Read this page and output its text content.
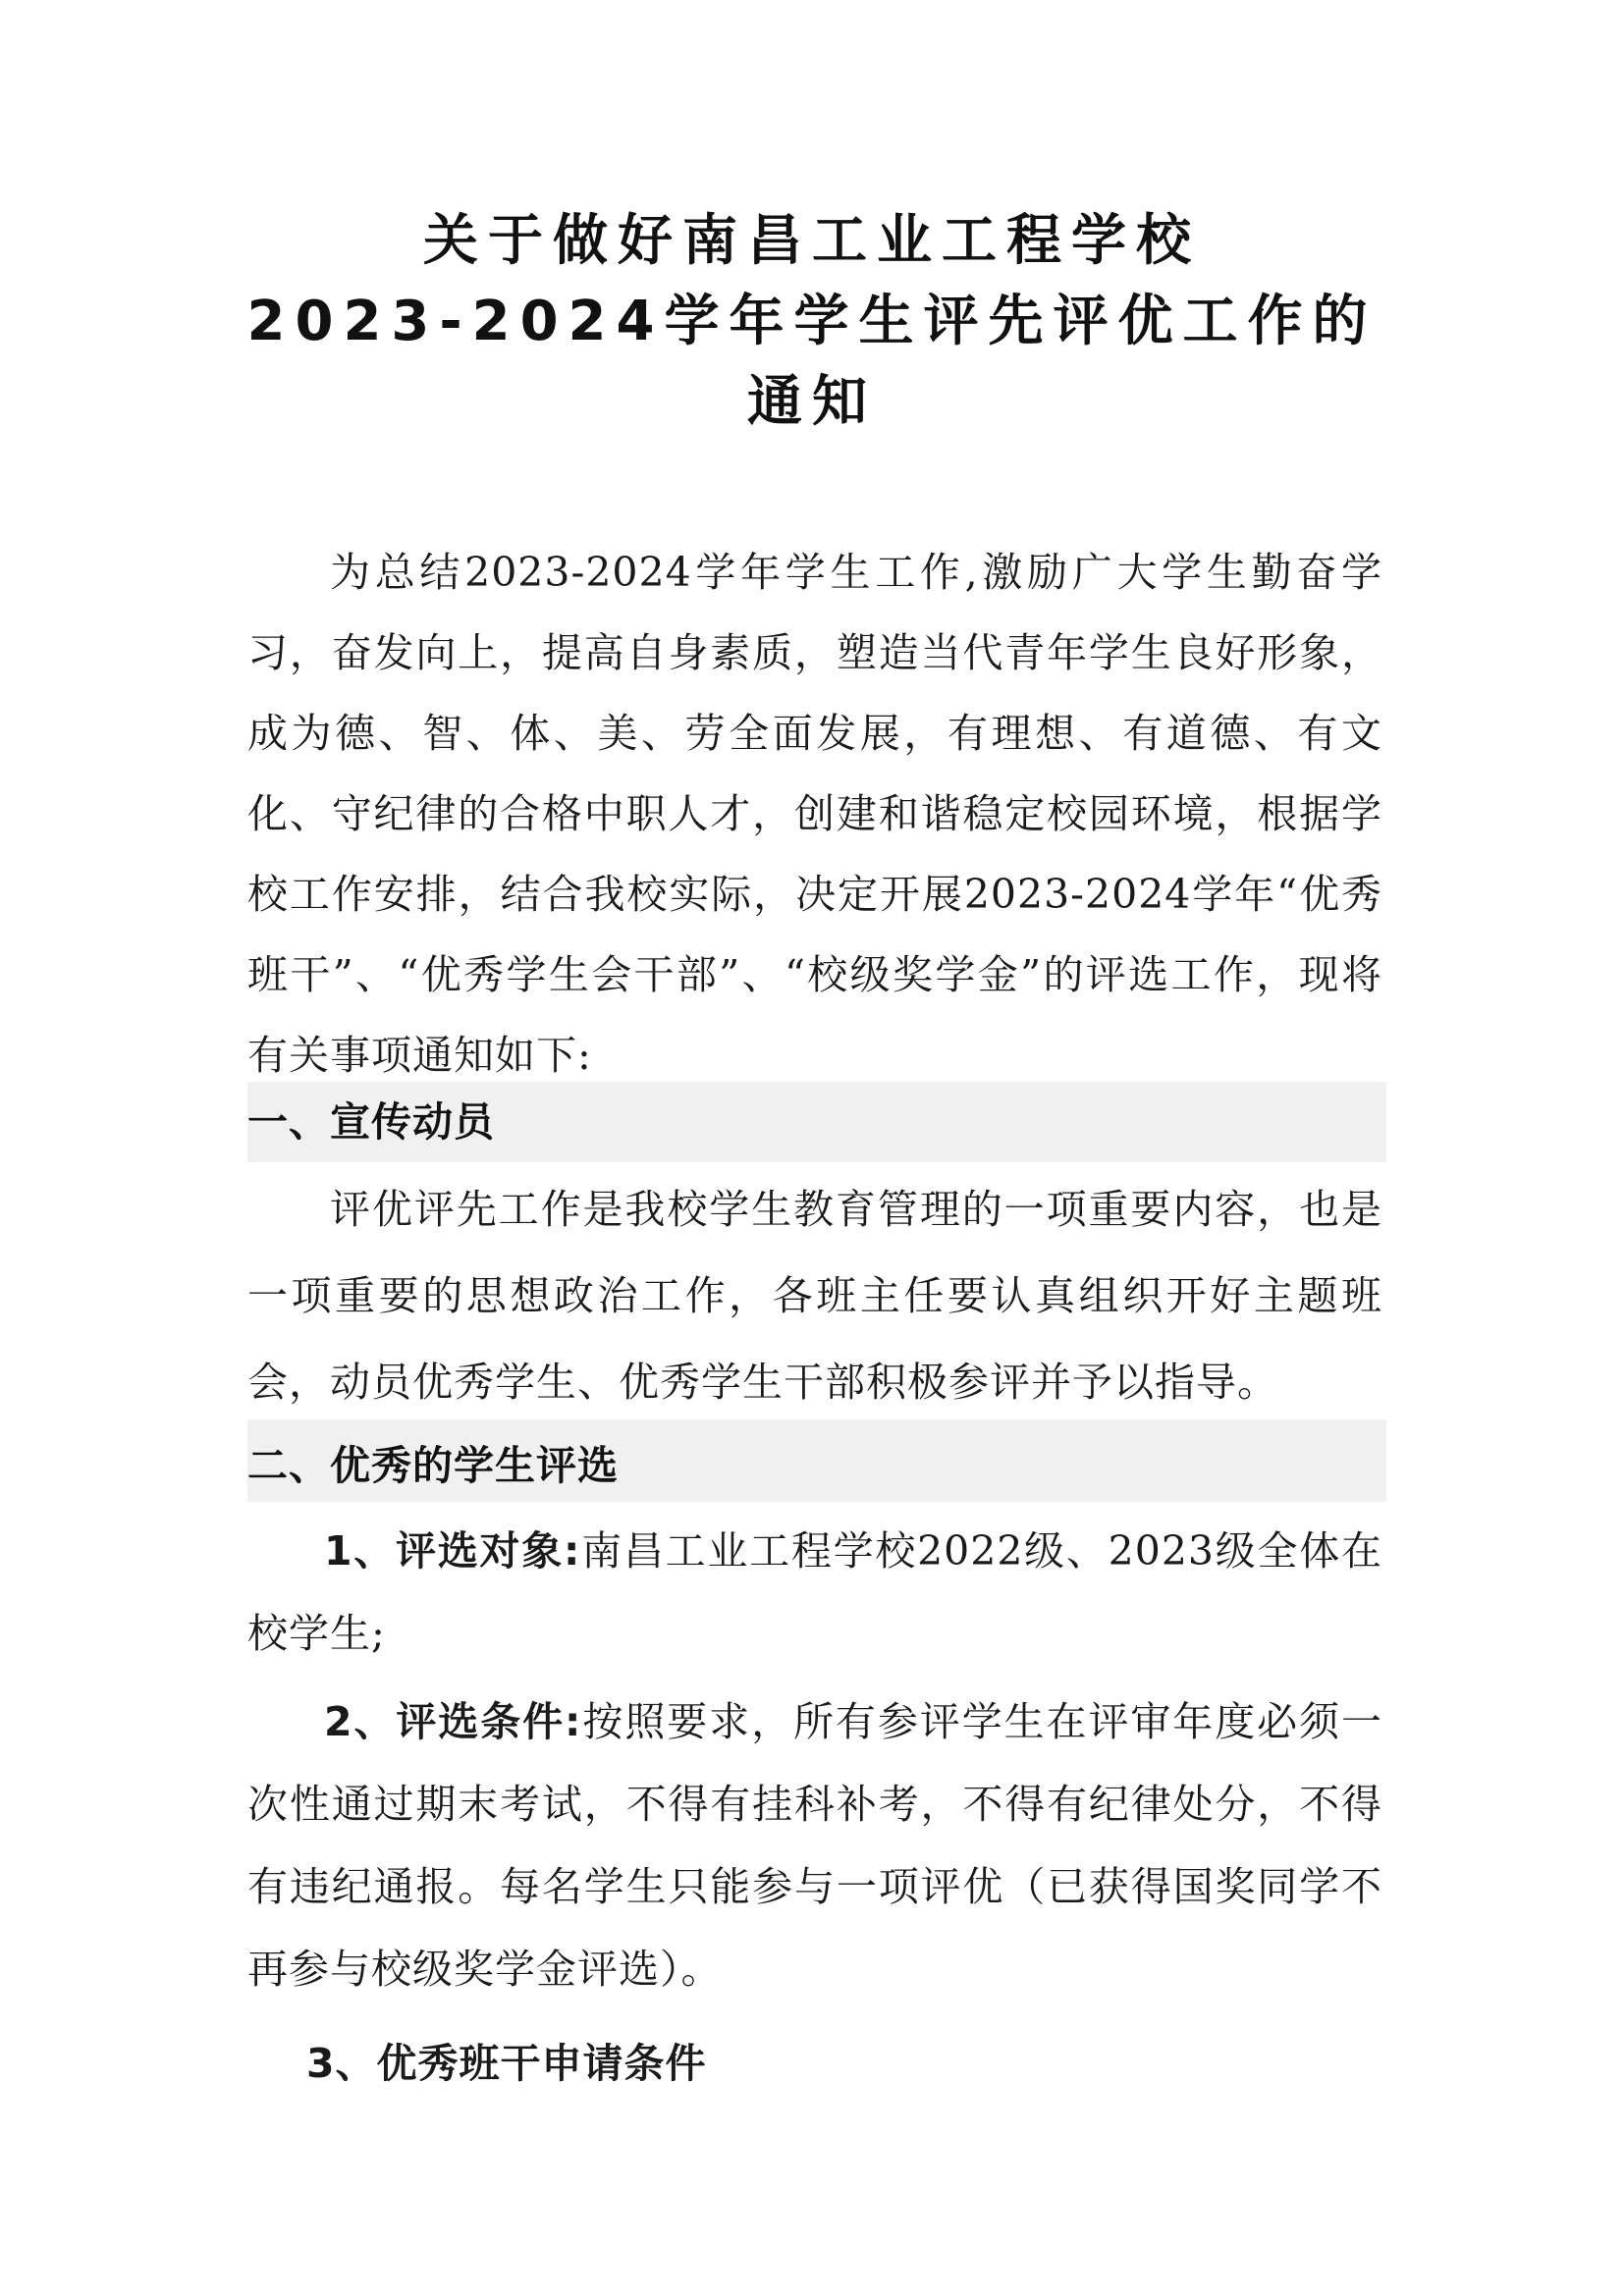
关于做好南昌工业工程学校
2023-2024学年学生评先评优工作的
通知

为总结2023-2024学年学生工作,激励广大学生勤奋学习，奋发向上，提高自身素质，塑造当代青年学生良好形象，成为德、智、体、美、劳全面发展，有理想、有道德、有文化、守纪律的合格中职人才，创建和谐稳定校园环境，根据学校工作安排，结合我校实际，决定开展2023-2024学年“优秀班干”、“优秀学生会干部”、“校级奖学金”的评选工作，现将有关事项通知如下:

一、宣传动员

评优评先工作是我校学生教育管理的一项重要内容，也是一项重要的思想政治工作，各班主任要认真组织开好主题班会，动员优秀学生、优秀学生干部积极参评并予以指导。

二、优秀的学生评选

1、评选对象:南昌工业工程学校2022级、2023级全体在校学生;

2、评选条件:按照要求，所有参评学生在评审年度必须一次性通过期末考试，不得有挂科补考，不得有纪律处分，不得有违纪通报。每名学生只能参与一项评优（已获得国奖同学不再参与校级奖学金评选）。

3、优秀班干申请条件
